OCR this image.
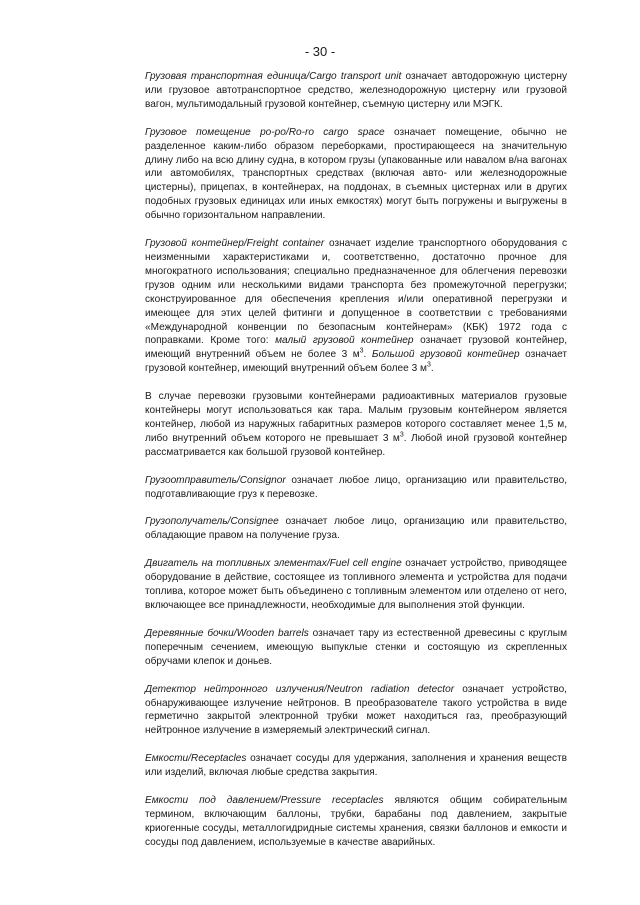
- 30 -

Грузовая транспортная единица/Cargo transport unit означает автодорожную цистерну или грузовое автотранспортное средство, железнодорожную цистерну или грузовой вагон, мультимодальный грузовой контейнер, съемную цистерну или МЭГК.

Грузовое помещение ро-ро/Ro-ro cargo space означает помещение, обычно не разделенное каким-либо образом переборками, простирающееся на значительную длину либо на всю длину судна, в котором грузы (упакованные или навалом в/на вагонах или автомобилях, транспортных средствах (включая авто- или железнодорожные цистерны), прицепах, в контейнерах, на поддонах, в съемных цистернах или в других подобных грузовых единицах или иных емкостях) могут быть погружены и выгружены в обычно горизонтальном направлении.

Грузовой контейнер/Freight container означает изделие транспортного оборудования с неизменными характеристиками и, соответственно, достаточно прочное для многократного использования; специально предназначенное для облегчения перевозки грузов одним или несколькими видами транспорта без промежуточной перегрузки; сконструированное для обеспечения крепления и/или оперативной перегрузки и имеющее для этих целей фитинги и допущенное в соответствии с требованиями «Международной конвенции по безопасным контейнерам» (КБК) 1972 года с поправками. Кроме того: малый грузовой контейнер означает грузовой контейнер, имеющий внутренний объем не более 3 $м^3$. Большой грузовой контейнер означает грузовой контейнер, имеющий внутренний объем более 3 $м^3$.

В случае перевозки грузовыми контейнерами радиоактивных материалов грузовые контейнеры могут использоваться как тара. Малым грузовым контейнером является контейнер, любой из наружных габаритных размеров которого составляет менее 1,5 м, либо внутренний объем которого не превышает 3 $м^3$. Любой иной грузовой контейнер рассматривается как большой грузовой контейнер.

Грузоотправитель/Consignor означает любое лицо, организацию или правительство, подготавливающие груз к перевозке.

Грузополучатель/Consignee означает любое лицо, организацию или правительство, обладающие правом на получение груза.

Двигатель на топливных элементах/Fuel cell engine означает устройство, приводящее оборудование в действие, состоящее из топливного элемента и устройства для подачи топлива, которое может быть объединено с топливным элементом или отделено от него, включающее все принадлежности, необходимые для выполнения этой функции.

Деревянные бочки/Wooden barrels означает тару из естественной древесины с круглым поперечным сечением, имеющую выпуклые стенки и состоящую из скрепленных обручами клепок и доньев.

Детектор нейтронного излучения/Neutron radiation detector означает устройство, обнаруживающее излучение нейтронов. В преобразователе такого устройства в виде герметично закрытой электронной трубки может находиться газ, преобразующий нейтронное излучение в измеряемый электрический сигнал.

Емкости/Receptacles означает сосуды для удержания, заполнения и хранения веществ или изделий, включая любые средства закрытия.

Емкости под давлением/Pressure receptacles являются общим собирательным термином, включающим баллоны, трубки, барабаны под давлением, закрытые криогенные сосуды, металлогидридные системы хранения, связки баллонов и емкости и сосуды под давлением, используемые в качестве аварийных.
